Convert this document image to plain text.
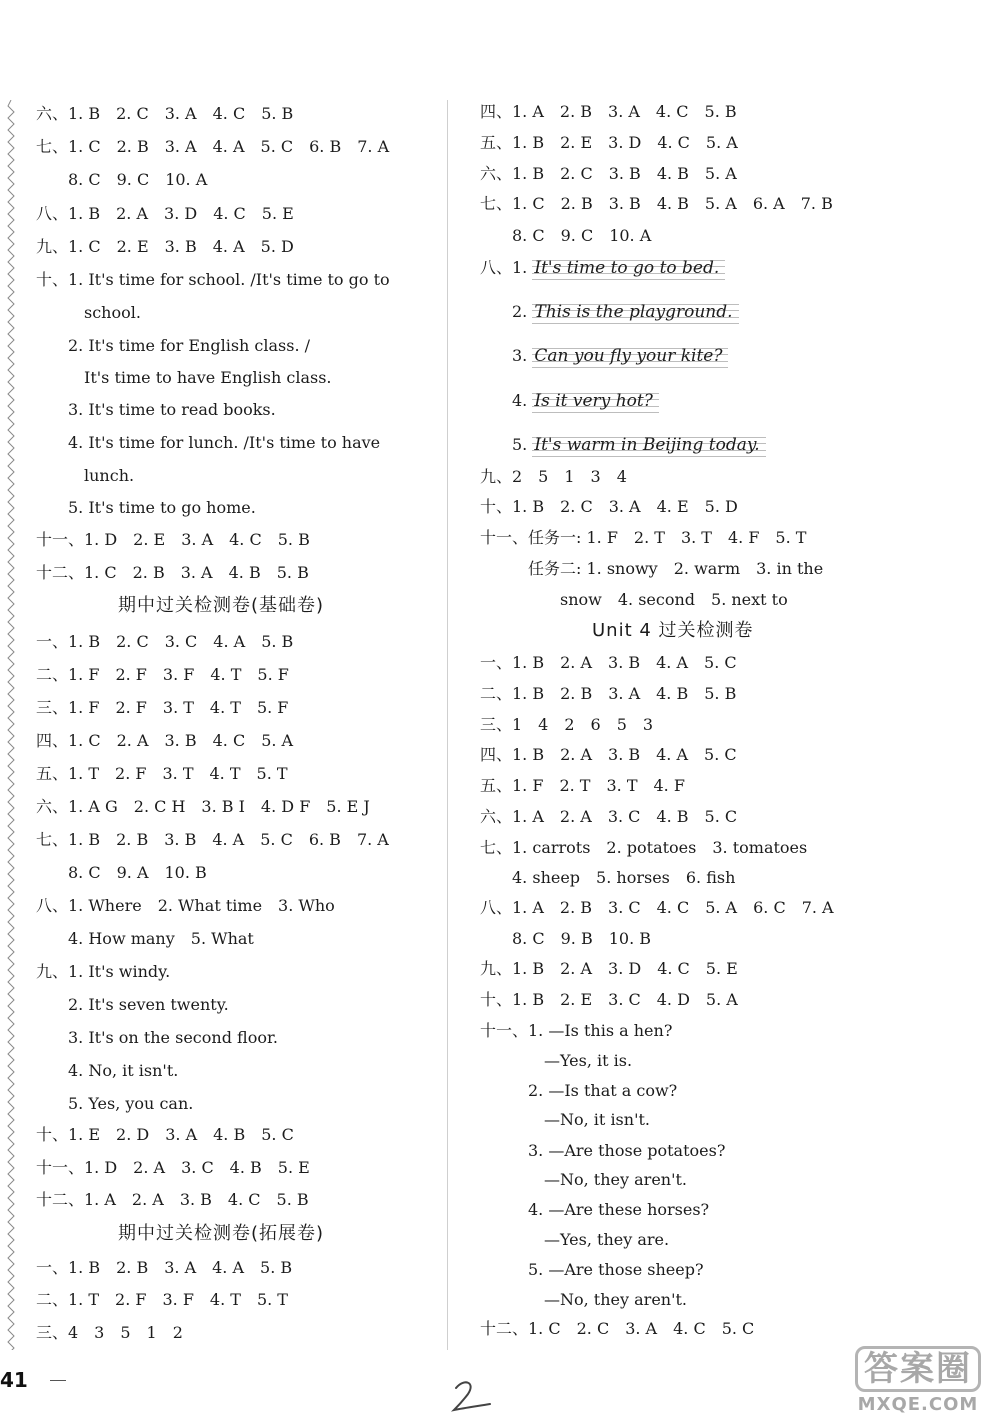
六、1. B　2. C　3. A　4. C　5. B
七、1. C　2. B　3. A　4. A　5. C　6. B　7. A
　　8. C　9. C　10. A
八、1. B　2. A　3. D　4. C　5. E
九、1. C　2. E　3. B　4. A　5. D
十、1. It's time for school. /It's time to go to
　　　school.
　　2. It's time for English class. /
　　　It's time to have English class.
　　3. It's time to read books.
　　4. It's time for lunch. /It's time to have
　　　lunch.
　　5. It's time to go home.
十一、1. D　2. E　3. A　4. C　5. B
十二、1. C　2. B　3. A　4. B　5. B
期中过关检测卷(基础卷)
一、1. B　2. C　3. C　4. A　5. B
二、1. F　2. F　3. F　4. T　5. F
三、1. F　2. F　3. T　4. T　5. F
四、1. C　2. A　3. B　4. C　5. A
五、1. T　2. F　3. T　4. T　5. T
六、1. A G　2. C H　3. B I　4. D F　5. E J
七、1. B　2. B　3. B　4. A　5. C　6. B　7. A
　　8. C　9. A　10. B
八、1. Where　2. What time　3. Who
　　4. How many　5. What
九、1. It's windy.
　　2. It's seven twenty.
　　3. It's on the second floor.
　　4. No, it isn't.
　　5. Yes, you can.
十、1. E　2. D　3. A　4. B　5. C
十一、1. D　2. A　3. C　4. B　5. E
十二、1. A　2. A　3. B　4. C　5. B
期中过关检测卷(拓展卷)
一、1. B　2. B　3. A　4. A　5. B
二、1. T　2. F　3. F　4. T　5. T
三、4　3　5　1　2
四、1. A　2. B　3. A　4. C　5. B
五、1. B　2. E　3. D　4. C　5. A
六、1. B　2. C　3. B　4. B　5. A
七、1. C　2. B　3. B　4. B　5. A　6. A　7. B
　　8. C　9. C　10. A
八、1. It's time to go to bed.
　　2. This is the playground.
　　3. Can you fly your kite?
　　4. Is it very hot?
　　5. It's warm in Beijing today.
九、2　5　1　3　4
十、1. B　2. C　3. A　4. E　5. D
十一、任务一: 1. F　2. T　3. T　4. F　5. T
　　　任务二: 1. snowy　2. warm　3. in the
　　　　　snow　4. second　5. next to
Unit 4 过关检测卷
一、1. B　2. A　3. B　4. A　5. C
二、1. B　2. B　3. A　4. B　5. B
三、1　4　2　6　5　3
四、1. B　2. A　3. B　4. A　5. C
五、1. F　2. T　3. T　4. F
六、1. A　2. A　3. C　4. B　5. C
七、1. carrots　2. potatoes　3. tomatoes
　　4. sheep　5. horses　6. fish
八、1. A　2. B　3. C　4. C　5. A　6. C　7. A
　　8. C　9. B　10. B
九、1. B　2. A　3. D　4. C　5. E
十、1. B　2. E　3. C　4. D　5. A
十一、1. —Is this a hen?
　　　　—Yes, it is.
　　　2. —Is that a cow?
　　　　—No, it isn't.
　　　3. —Are those potatoes?
　　　　—No, they aren't.
　　　4. —Are these horses?
　　　　—Yes, they are.
　　　5. —Are those sheep?
　　　　—No, they aren't.
十二、1. C　2. C　3. A　4. C　5. C
41	答案圈
MXQE.COM
